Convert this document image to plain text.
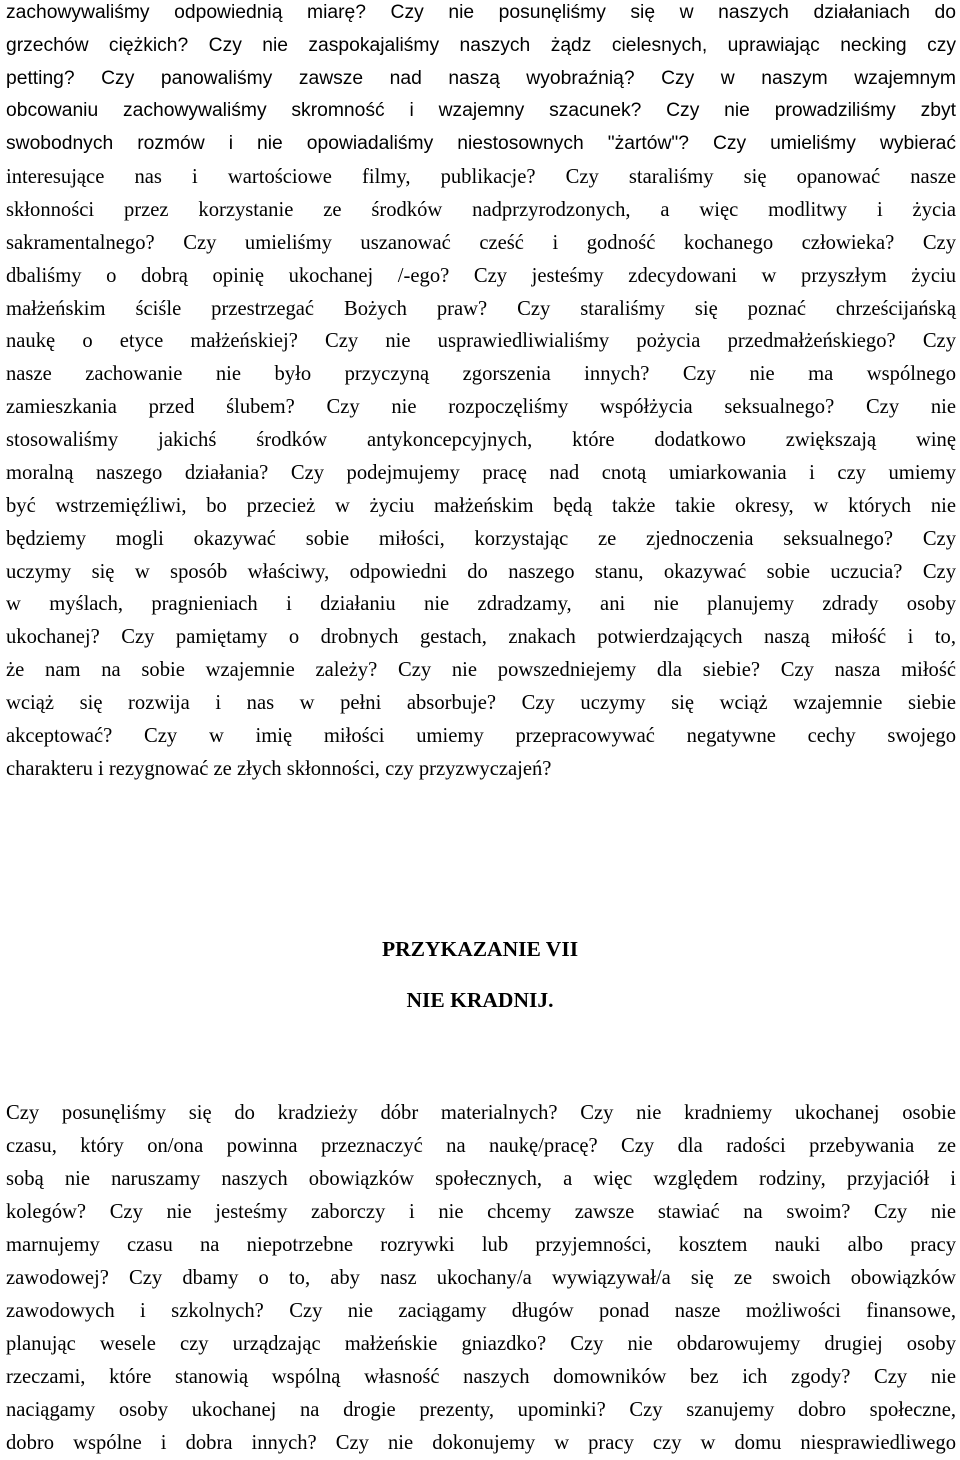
zachowywaliśmy odpowiednią miarę? Czy nie posunęliśmy się w naszych działaniach do
grzechów ciężkich? Czy nie zaspokajaliśmy naszych żądz cielesnych, uprawiając necking czy
petting? Czy panowaliśmy zawsze nad naszą wyobraźnią? Czy w naszym wzajemnym
obcowaniu zachowywaliśmy skromność i wzajemny szacunek? Czy nie prowadziliśmy zbyt
swobodnych rozmów i nie opowiadaliśmy niestosownych "żartów"? Czy umieliśmy wybierać
interesujące nas i wartościowe filmy, publikacje? Czy staraliśmy się opanować nasze
skłonności przez korzystanie ze środków nadprzyrodzonych, a więc modlitwy i życia
sakramentalnego? Czy umieliśmy uszanować cześć i godność kochanego człowieka? Czy
dbaliśmy o dobrą opinię ukochanej /-ego? Czy jesteśmy zdecydowani w przyszłym życiu
małżeńskim ściśle przestrzegać Bożych praw? Czy staraliśmy się poznać chrześcijańską
naukę o etyce małżeńskiej? Czy nie usprawiedliwialiśmy pożycia przedmałżeńskiego? Czy
nasze zachowanie nie było przyczyną zgorszenia innych? Czy nie ma wspólnego
zamieszkania przed ślubem? Czy nie rozpoczęliśmy współżycia seksualnego? Czy nie
stosowaliśmy jakichś środków antykoncepcyjnych, które dodatkowo zwiększają winę
moralną naszego działania? Czy podejmujemy pracę nad cnotą umiarkowania i czy umiemy
być wstrzemięźliwi, bo przecież w życiu małżeńskim będą także takie okresy, w których nie
będziemy mogli okazywać sobie miłości, korzystając ze zjednoczenia seksualnego? Czy
uczymy się w sposób właściwy, odpowiedni do naszego stanu, okazywać sobie uczucia? Czy
w myślach, pragnieniach i działaniu nie zdradzamy, ani nie planujemy zdrady osoby
ukochanej? Czy pamiętamy o drobnych gestach, znakach potwierdzających naszą miłość i to,
że nam na sobie wzajemnie zależy? Czy nie powszedniejemy dla siebie? Czy nasza miłość
wciąż się rozwija i nas w pełni absorbuje? Czy uczymy się wciąż wzajemnie siebie
akceptować? Czy w imię miłości umiemy przepracowywać negatywne cechy swojego
charakteru i rezygnować ze złych skłonności, czy przyzwyczajeń?
PRZYKAZANIE VII
NIE KRADNIJ.
Czy posunęliśmy się do kradzieży dóbr materialnych? Czy nie kradniemy ukochanej osobie
czasu, który on/ona powinna przeznaczyć na naukę/pracę? Czy dla radości przebywania ze
sobą nie naruszamy naszych obowiązków społecznych, a więc względem rodziny, przyjaciół i
kolegów? Czy nie jesteśmy zaborczy i nie chcemy zawsze stawiać na swoim? Czy nie
marnujemy czasu na niepotrzebne rozrywki lub przyjemności, kosztem nauki albo pracy
zawodowej? Czy dbamy o to, aby nasz ukochany/a wywiązywał/a się ze swoich obowiązków
zawodowych i szkolnych? Czy nie zaciągamy długów ponad nasze możliwości finansowe,
planując wesele czy urządzając małżeńskie gniazdko? Czy nie obdarowujemy drugiej osoby
rzeczami, które stanowią wspólną własność naszych domowników bez ich zgody? Czy nie
naciągamy osoby ukochanej na drogie prezenty, upominki? Czy szanujemy dobro społeczne,
dobro wspólne i dobra innych? Czy nie dokonujemy w pracy czy w domu niesprawiedliwego
